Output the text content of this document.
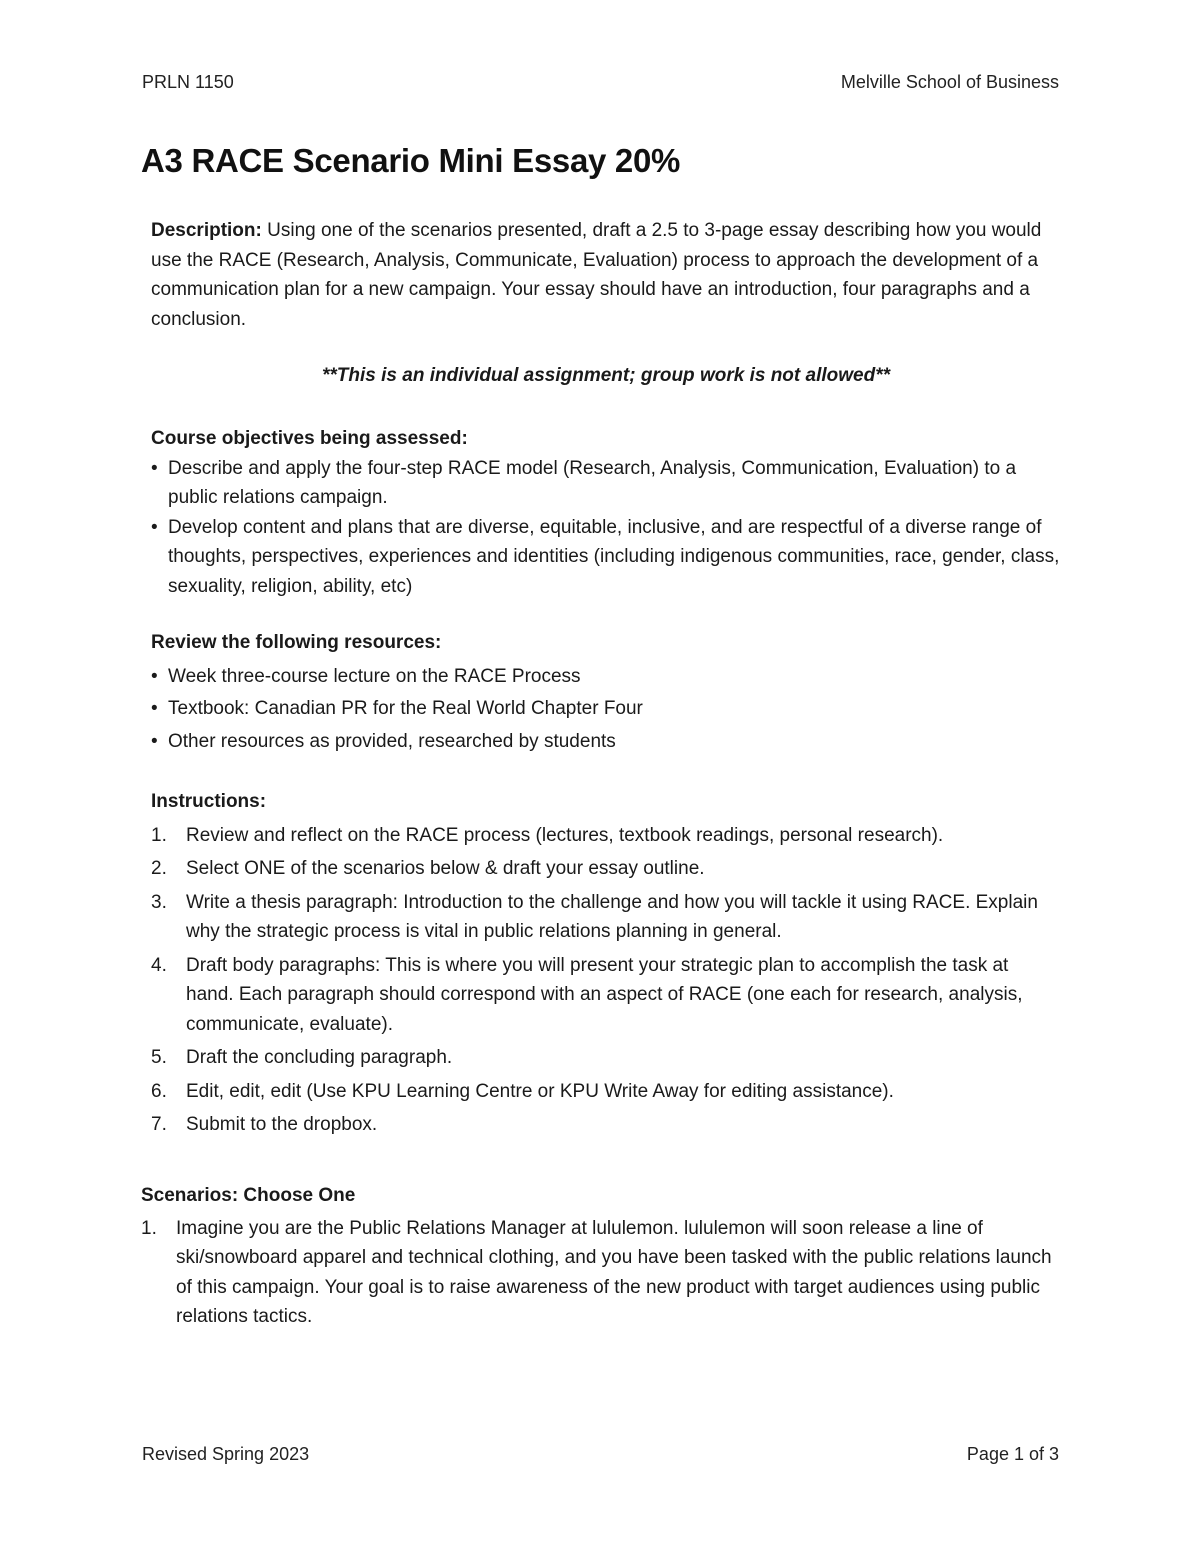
PRLN 1150	Melville School of Business
A3 RACE Scenario Mini Essay 20%
Description: Using one of the scenarios presented, draft a 2.5 to 3-page essay describing how you would use the RACE (Research, Analysis, Communicate, Evaluation) process to approach the development of a communication plan for a new campaign. Your essay should have an introduction, four paragraphs and a conclusion.
**This is an individual assignment; group work is not allowed**

Course objectives being assessed:

• Describe and apply the four-step RACE model (Research, Analysis, Communication, Evaluation) to a public relations campaign.
• Develop content and plans that are diverse, equitable, inclusive, and are respectful of a diverse range of thoughts, perspectives, experiences and identities (including indigenous communities, race, gender, class, sexuality, religion, ability, etc)

Review the following resources:

• Week three-course lecture on the RACE Process
• Textbook: Canadian PR for the Real World Chapter Four
• Other resources as provided, researched by students

Instructions:

1. Review and reflect on the RACE process (lectures, textbook readings, personal research).
2. Select ONE of the scenarios below & draft your essay outline.
3. Write a thesis paragraph: Introduction to the challenge and how you will tackle it using RACE. Explain why the strategic process is vital in public relations planning in general.
4. Draft body paragraphs: This is where you will present your strategic plan to accomplish the task at hand. Each paragraph should correspond with an aspect of RACE (one each for research, analysis, communicate, evaluate).
5. Draft the concluding paragraph.
6. Edit, edit, edit (Use KPU Learning Centre or KPU Write Away for editing assistance).
7. Submit to the dropbox.

Scenarios: Choose One

1. Imagine you are the Public Relations Manager at lululemon. lululemon will soon release a line of ski/snowboard apparel and technical clothing, and you have been tasked with the public relations launch of this campaign. Your goal is to raise awareness of the new product with target audiences using public relations tactics.
Revised Spring 2023	Page 1 of 3
